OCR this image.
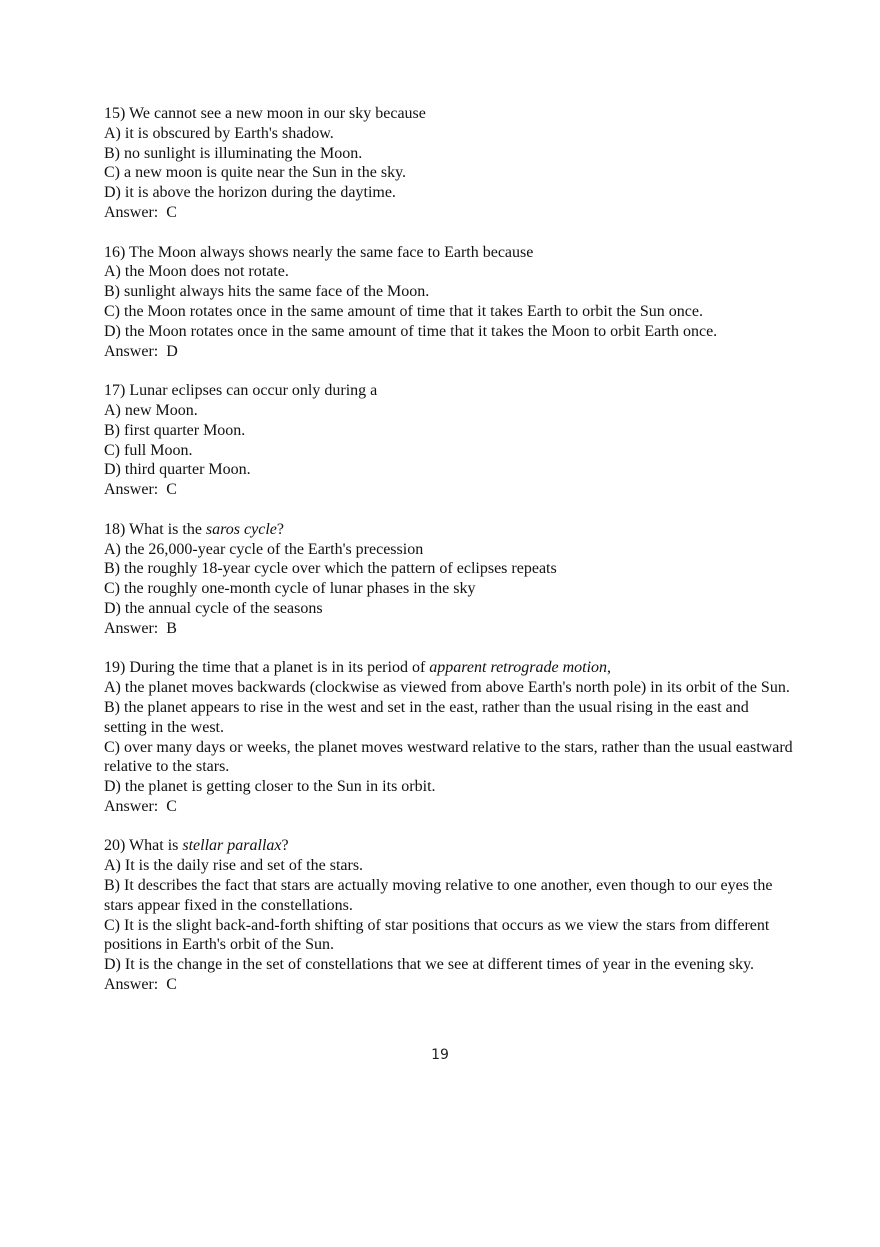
15) We cannot see a new moon in our sky because

A) it is obscured by Earth's shadow.

B) no sunlight is illuminating the Moon.

C) a new moon is quite near the Sun in the sky.

D) it is above the horizon during the daytime.

Answer:  C

16) The Moon always shows nearly the same face to Earth because

A) the Moon does not rotate.

B) sunlight always hits the same face of the Moon.

C) the Moon rotates once in the same amount of time that it takes Earth to orbit the Sun once.

D) the Moon rotates once in the same amount of time that it takes the Moon to orbit Earth once.

Answer:  D

17) Lunar eclipses can occur only during a

A) new Moon.

B) first quarter Moon.

C) full Moon.

D) third quarter Moon.

Answer:  C

18) What is the saros cycle?

A) the 26,000-year cycle of the Earth's precession

B) the roughly 18-year cycle over which the pattern of eclipses repeats

C) the roughly one-month cycle of lunar phases in the sky

D) the annual cycle of the seasons

Answer:  B

19) During the time that a planet is in its period of apparent retrograde motion,

A) the planet moves backwards (clockwise as viewed from above Earth's north pole) in its orbit of the Sun.

B) the planet appears to rise in the west and set in the east, rather than the usual rising in the east and setting in the west.

C) over many days or weeks, the planet moves westward relative to the stars, rather than the usual eastward relative to the stars.

D) the planet is getting closer to the Sun in its orbit.

Answer:  C

20) What is stellar parallax?

A) It is the daily rise and set of the stars.

B) It describes the fact that stars are actually moving relative to one another, even though to our eyes the stars appear fixed in the constellations.

C) It is the slight back-and-forth shifting of star positions that occurs as we view the stars from different positions in Earth's orbit of the Sun.

D) It is the change in the set of constellations that we see at different times of year in the evening sky.

Answer:  C

19
